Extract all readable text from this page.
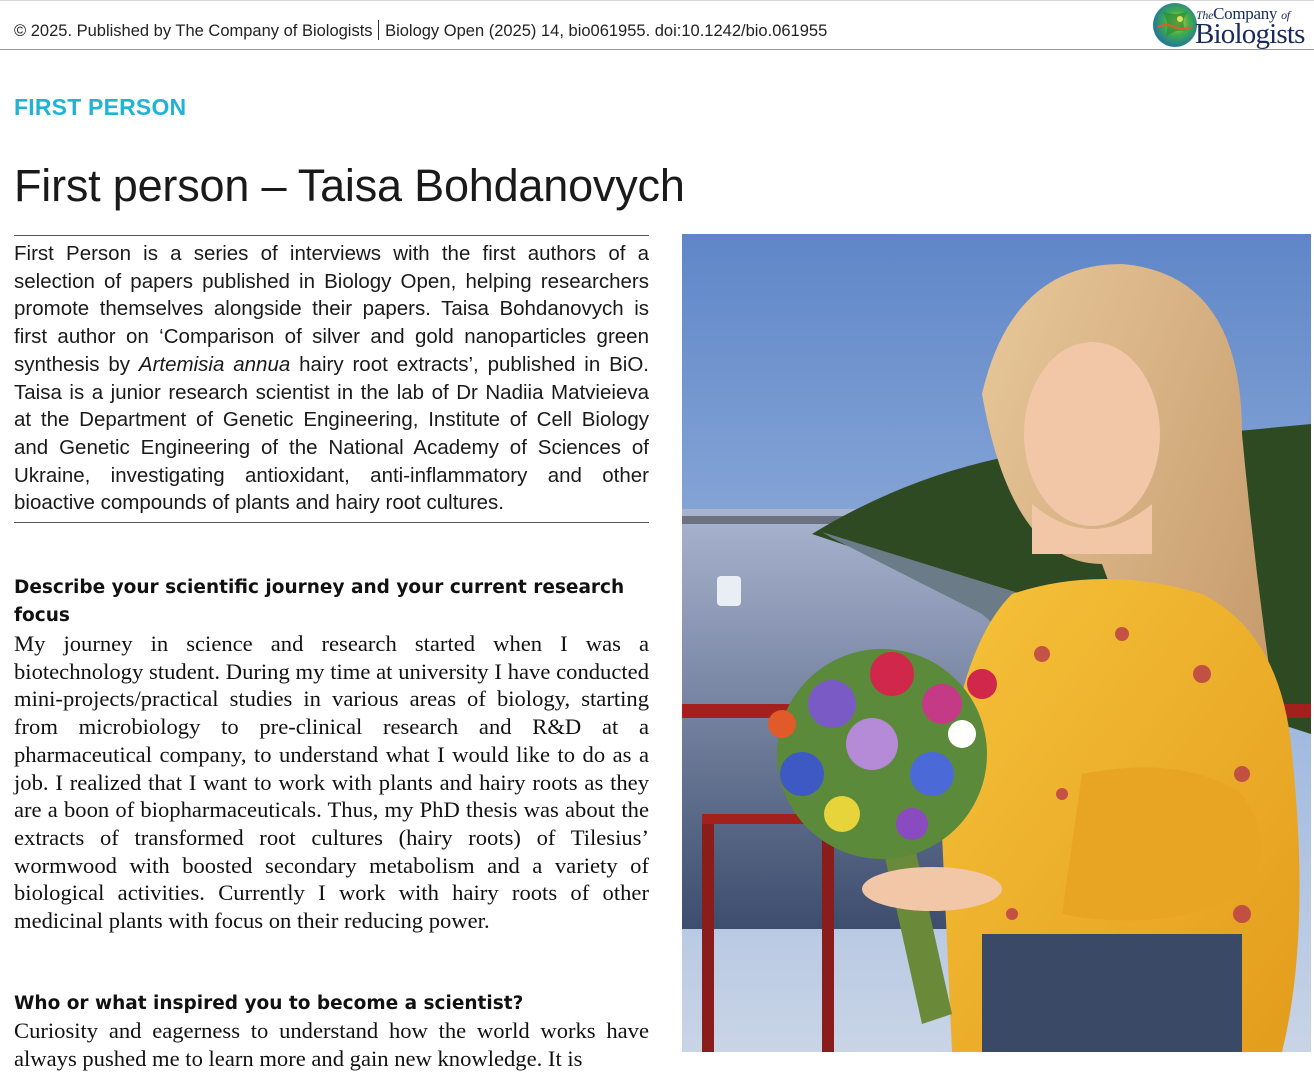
© 2025. Published by The Company of Biologists Biology Open (2025) 14, bio061955. doi:10.1242/bio.061955
TheCompany of
Biologists
FIRST PERSON
First person – Taisa Bohdanovych
First Person is a series of interviews with the first authors of a selection of papers published in Biology Open, helping researchers promote themselves alongside their papers. Taisa Bohdanovych is first author on ‘Comparison of silver and gold nanoparticles green synthesis by Artemisia annua hairy root extracts’, published in BiO. Taisa is a junior research scientist in the lab of Dr Nadiia Matvieieva at the Department of Genetic Engineering, Institute of Cell Biology and Genetic Engineering of the National Academy of Sciences of Ukraine, investigating antioxidant, anti-inflammatory and other bioactive compounds of plants and hairy root cultures.
Describe your scientific journey and your current research focus
My journey in science and research started when I was a biotechnology student. During my time at university I have conducted mini-projects/practical studies in various areas of biology, starting from microbiology to pre-clinical research and R&D at a pharmaceutical company, to understand what I would like to do as a job. I realized that I want to work with plants and hairy roots as they are a boon of biopharmaceuticals. Thus, my PhD thesis was about the extracts of transformed root cultures (hairy roots) of Tilesius’ wormwood with boosted secondary metabolism and a variety of biological activities. Currently I work with hairy roots of other medicinal plants with focus on their reducing power.
Who or what inspired you to become a scientist?
Curiosity and eagerness to understand how the world works have always pushed me to learn more and gain new knowledge. It is
